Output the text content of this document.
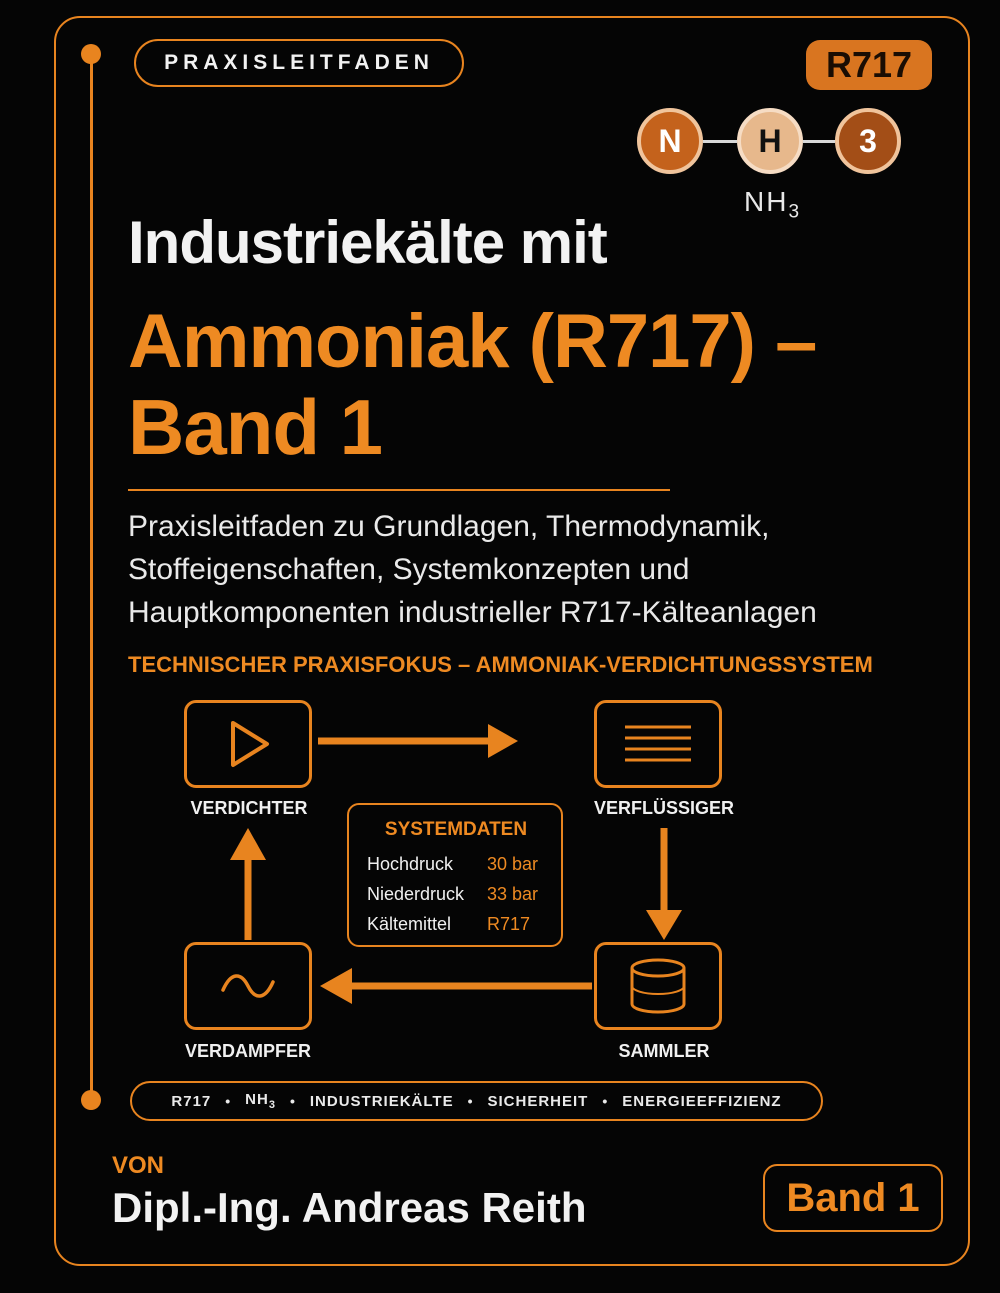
PRAXISLEITFADEN	R717
N	H	3
$NH_3$
Industriekälte mit
Ammoniak (R717) –
Band 1
Praxisleitfaden zu Grundlagen, Thermodynamik,
Stoffeigenschaften, Systemkonzepten und
Hauptkomponenten industrieller R717-Kälteanlagen
TECHNISCHER PRAXISFOKUS – AMMONIAK-VERDICHTUNGSSYSTEM
VERDICHTER	VERFLÜSSIGER
SAMMLER
VERDAMPFER
SYSTEMDATEN
Hochdruck 30 bar
Niederdruck 33 bar
Kältemittel R717
R717 • $NH_3$ • INDUSTRIEKÄLTE • SICHERHEIT • ENERGIEEFFIZIENZ
VON
Dipl.-Ing. Andreas Reith	Band 1
